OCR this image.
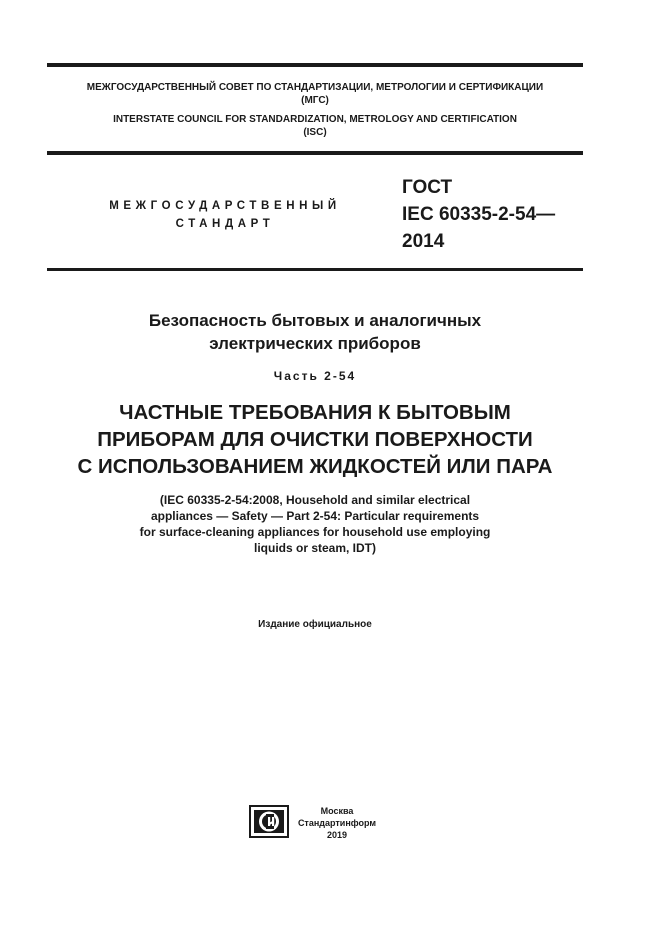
МЕЖГОСУДАРСТВЕННЫЙ СОВЕТ ПО СТАНДАРТИЗАЦИИ, МЕТРОЛОГИИ И СЕРТИФИКАЦИИ
(МГС)
INTERSTATE COUNCIL FOR STANDARDIZATION, METROLOGY AND CERTIFICATION
(ISC)
МЕЖГОСУДАРСТВЕННЫЙ
СТАНДАРТ
ГОСТ
IEC 60335-2-54—
2014
Безопасность бытовых и аналогичных
электрических приборов
Часть 2-54
ЧАСТНЫЕ ТРЕБОВАНИЯ К БЫТОВЫМ
ПРИБОРАМ ДЛЯ ОЧИСТКИ ПОВЕРХНОСТИ
С ИСПОЛЬЗОВАНИЕМ ЖИДКОСТЕЙ ИЛИ ПАРА
(IEC 60335-2-54:2008, Household and similar electrical
appliances — Safety — Part 2-54: Particular requirements
for surface-cleaning appliances for household use employing
liquids or steam, IDT)
Издание официальное
Москва
Стандартинформ
2019
